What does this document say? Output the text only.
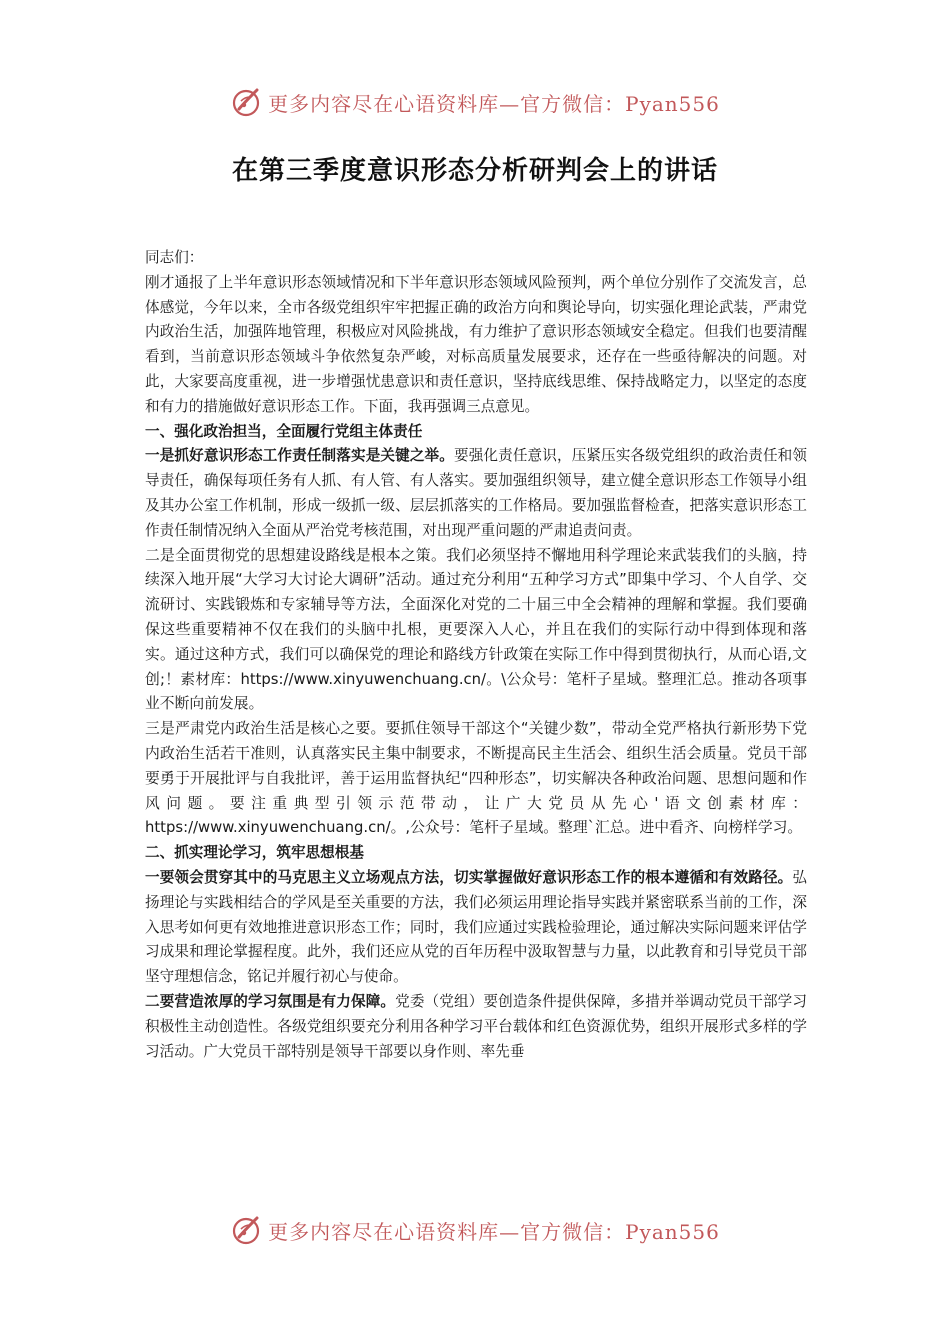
更多内容尽在心语资料库—官方微信：Pyan556
在第三季度意识形态分析研判会上的讲话

同志们：

刚才通报了上半年意识形态领域情况和下半年意识形态领域风险预判，两个单位分别作了交流发言，总体感觉，今年以来，全市各级党组织牢牢把握正确的政治方向和舆论导向，切实强化理论武装，严肃党内政治生活，加强阵地管理，积极应对风险挑战，有力维护了意识形态领域安全稳定。但我们也要清醒看到，当前意识形态领域斗争依然复杂严峻，对标高质量发展要求，还存在一些亟待解决的问题。对此，大家要高度重视，进一步增强忧患意识和责任意识，坚持底线思维、保持战略定力，以坚定的态度和有力的措施做好意识形态工作。下面，我再强调三点意见。

一、强化政治担当，全面履行党组主体责任

一是抓好意识形态工作责任制落实是关键之举。要强化责任意识，压紧压实各级党组织的政治责任和领导责任，确保每项任务有人抓、有人管、有人落实。要加强组织领导，建立健全意识形态工作领导小组及其办公室工作机制，形成一级抓一级、层层抓落实的工作格局。要加强监督检查，把落实意识形态工作责任制情况纳入全面从严治党考核范围，对出现严重问题的严肃追责问责。

二是全面贯彻党的思想建设路线是根本之策。我们必须坚持不懈地用科学理论来武装我们的头脑，持续深入地开展“大学习大讨论大调研”活动。通过充分利用“五种学习方式”即集中学习、个人自学、交流研讨、实践锻炼和专家辅导等方法，全面深化对党的二十届三中全会精神的理解和掌握。我们要确保这些重要精神不仅在我们的头脑中扎根，更要深入人心，并且在我们的实际行动中得到体现和落实。通过这种方式，我们可以确保党的理论和路线方针政策在实际工作中得到贯彻执行，从而心语,文创;！素材库：https://www.xinyuwenchuang.cn/。\公众号：笔杆子星域。整理汇总。推动各项事业不断向前发展。

三是严肃党内政治生活是核心之要。要抓住领导干部这个“关键少数”，带动全党严格执行新形势下党内政治生活若干准则，认真落实民主集中制要求，不断提高民主生活会、组织生活会质量。党员干部要勇于开展批评与自我批评，善于运用监督执纪“四种形态”，切实解决各种政治问题、思想问题和作风问题。要注重典型引领示范带动，让广大党员从先心'语文创素材库：https://www.xinyuwenchuang.cn/。,公众号：笔杆子星域。整理`汇总。进中看齐、向榜样学习。

二、抓实理论学习，筑牢思想根基

一要领会贯穿其中的马克思主义立场观点方法，切实掌握做好意识形态工作的根本遵循和有效路径。弘扬理论与实践相结合的学风是至关重要的方法，我们必须运用理论指导实践并紧密联系当前的工作，深入思考如何更有效地推进意识形态工作；同时，我们应通过实践检验理论，通过解决实际问题来评估学习成果和理论掌握程度。此外，我们还应从党的百年历程中汲取智慧与力量，以此教育和引导党员干部坚守理想信念，铭记并履行初心与使命。

二要营造浓厚的学习氛围是有力保障。党委（党组）要创造条件提供保障，多措并举调动党员干部学习积极性主动创造性。各级党组织要充分利用各种学习平台载体和红色资源优势，组织开展形式多样的学习活动。广大党员干部特别是领导干部要以身作则、率先垂

更多内容尽在心语资料库—官方微信：Pyan556
